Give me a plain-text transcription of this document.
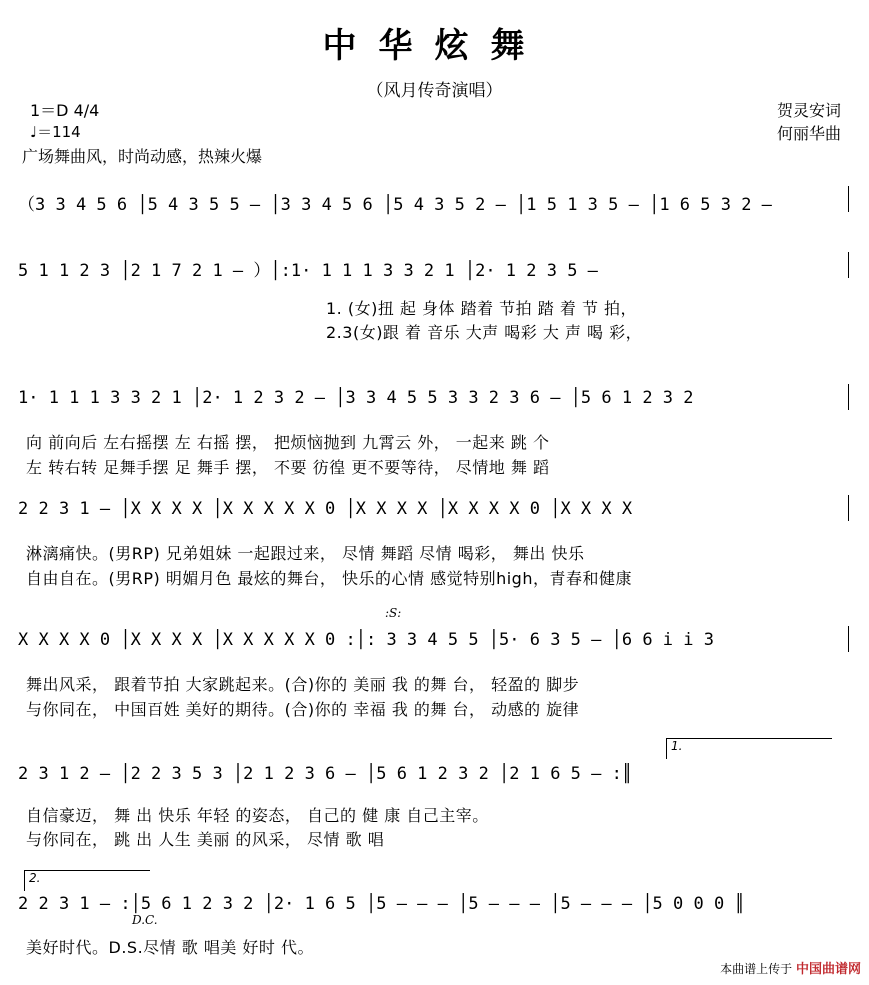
中华炫舞
（风月传奇演唱）
1＝D 4/4
♩＝114
广场舞曲风，时尚动感，热辣火爆
贺灵安词
何丽华曲
（3 3 4 5 6 │5 4 3 5 5 – │3 3 4 5 6 │5 4 3 5 2 – │1 5 1 3 5 – │1 6 5 3 2 –
5 1 1 2 3 │2 1 7 2 1 – ）│:1· 1 1 1 3 3 2 1 │2· 1 2 3 5 –
1. (女)扭 起 身体 踏着 节拍 踏 着 节 拍，
2.3(女)跟 着 音乐 大声 喝彩 大 声 喝 彩，
1· 1 1 1 3 3 2 1 │2· 1 2 3 2 – │3 3 4 5 5 3 3 2 3 6 – │5 6 1 2 3 2
向 前向后 左右摇摆 左 右摇 摆， 把烦恼抛到 九霄云 外， 一起来 跳 个
左 转右转 足舞手摆 足 舞手 摆， 不要 彷徨 更不要等待， 尽情地 舞 蹈
2 2 3 1 – │X X X X │X X X X X 0 │X X X X │X X X X 0 │X X X X
淋漓痛快。(男RP) 兄弟姐妹 一起跟过来， 尽情 舞蹈 尽情 喝彩， 舞出 快乐
自由自在。(男RP) 明媚月色 最炫的舞台， 快乐的心情 感觉特别high，青春和健康
:S:
X X X X 0 │X X X X │X X X X X 0 :│: 3 3 4 5 5 │5· 6 3 5 – │6 6 i i 3
舞出风采， 跟着节拍 大家跳起来。(合)你的 美丽 我 的舞 台， 轻盈的 脚步
与你同在， 中国百姓 美好的期待。(合)你的 幸福 我 的舞 台， 动感的 旋律
1.
2 3 1 2 – │2 2 3 5 3 │2 1 2 3 6 – │5 6 1 2 3 2 │2 1 6 5 – :║
自信豪迈， 舞 出 快乐 年轻 的姿态， 自己的 健 康 自己主宰。
与你同在， 跳 出 人生 美丽 的风采， 尽情 歌 唱
2.
2 2 3 1 – :│5 6 1 2 3 2 │2· 1 6 5 │5 – – – │5 – – – │5 – – – │5 0 0 0 ║
D.C.
美好时代。D.S.尽情 歌 唱美 好时 代。
本曲谱上传于 中国曲谱网
